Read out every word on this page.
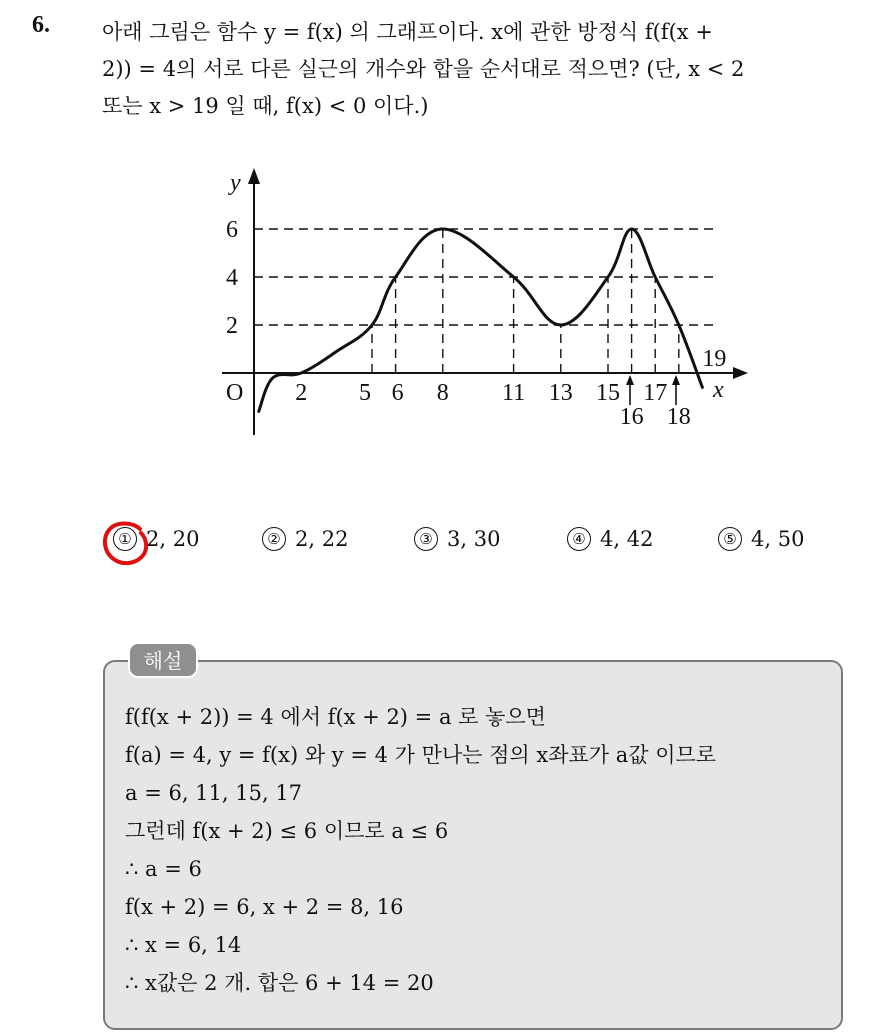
6. 아래 그림은 함수 y = f(x) 의 그래프이다. x에 관한 방정식 f(f(x +
2)) = 4의 서로 다른 실근의 개수와 합을 순서대로 적으면? (단, x < 2
또는 x > 19 일 때, f(x) < 0 이다.)
y
x
O
2
4
6
2 5 6 8 11 13 15 17
19
16 18
① 2, 20	② 2, 22	③ 3, 30	④ 4, 42	⑤ 4, 50
해설
f(f(x + 2)) = 4 에서 f(x + 2) = a 로 놓으면
f(a) = 4, y = f(x) 와 y = 4 가 만나는 점의 x좌표가 a값 이므로
a = 6, 11, 15, 17
그런데 f(x + 2) ≤ 6 이므로 a ≤ 6
∴ a = 6
f(x + 2) = 6, x + 2 = 8, 16
∴ x = 6, 14
∴ x값은 2 개. 합은 6 + 14 = 20
